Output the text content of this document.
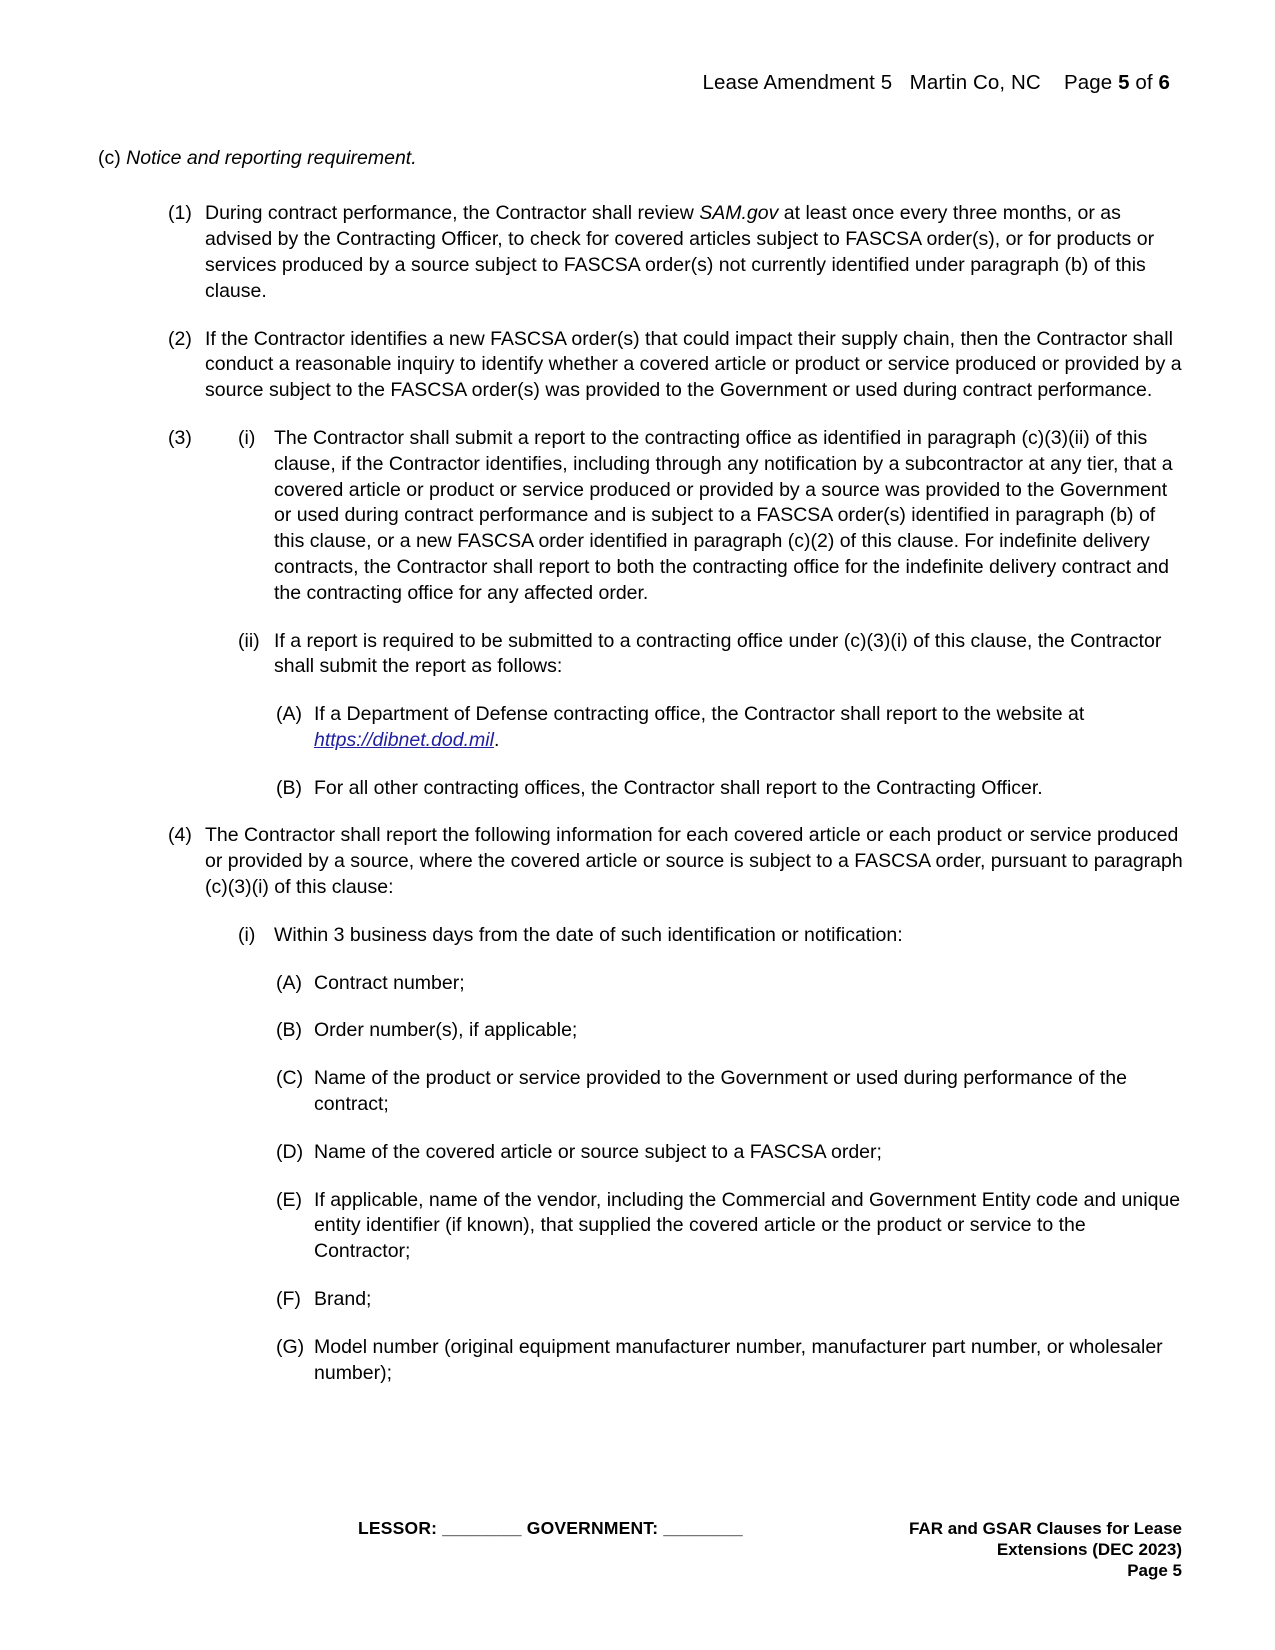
Lease Amendment 5 Martin Co, NC Page 5 of 6

(c) Notice and reporting requirement.

(1) During contract performance, the Contractor shall review SAM.gov at least once every three months, or as advised by the Contracting Officer, to check for covered articles subject to FASCSA order(s), or for products or services produced by a source subject to FASCSA order(s) not currently identified under paragraph (b) of this clause.
(2) If the Contractor identifies a new FASCSA order(s) that could impact their supply chain, then the Contractor shall conduct a reasonable inquiry to identify whether a covered article or product or service produced or provided by a source subject to the FASCSA order(s) was provided to the Government or used during contract performance.
(3) (i) The Contractor shall submit a report to the contracting office as identified in paragraph (c)(3)(ii) of this clause, if the Contractor identifies, including through any notification by a subcontractor at any tier, that a covered article or product or service produced or provided by a source was provided to the Government or used during contract performance and is subject to a FASCSA order(s) identified in paragraph (b) of this clause, or a new FASCSA order identified in paragraph (c)(2) of this clause. For indefinite delivery contracts, the Contractor shall report to both the contracting office for the indefinite delivery contract and the contracting office for any affected order.
(ii) If a report is required to be submitted to a contracting office under (c)(3)(i) of this clause, the Contractor shall submit the report as follows:
(A) If a Department of Defense contracting office, the Contractor shall report to the website at https://dibnet.dod.mil.
(B) For all other contracting offices, the Contractor shall report to the Contracting Officer.
(4) The Contractor shall report the following information for each covered article or each product or service produced or provided by a source, where the covered article or source is subject to a FASCSA order, pursuant to paragraph (c)(3)(i) of this clause:
(i) Within 3 business days from the date of such identification or notification:
(A) Contract number;
(B) Order number(s), if applicable;
(C) Name of the product or service provided to the Government or used during performance of the contract;
(D) Name of the covered article or source subject to a FASCSA order;
(E) If applicable, name of the vendor, including the Commercial and Government Entity code and unique entity identifier (if known), that supplied the covered article or the product or service to the Contractor;
(F) Brand;
(G) Model number (original equipment manufacturer number, manufacturer part number, or wholesaler number);
LESSOR: ________ GOVERNMENT: ________	FAR and GSAR Clauses for Lease
Extensions (DEC 2023)
Page 5
